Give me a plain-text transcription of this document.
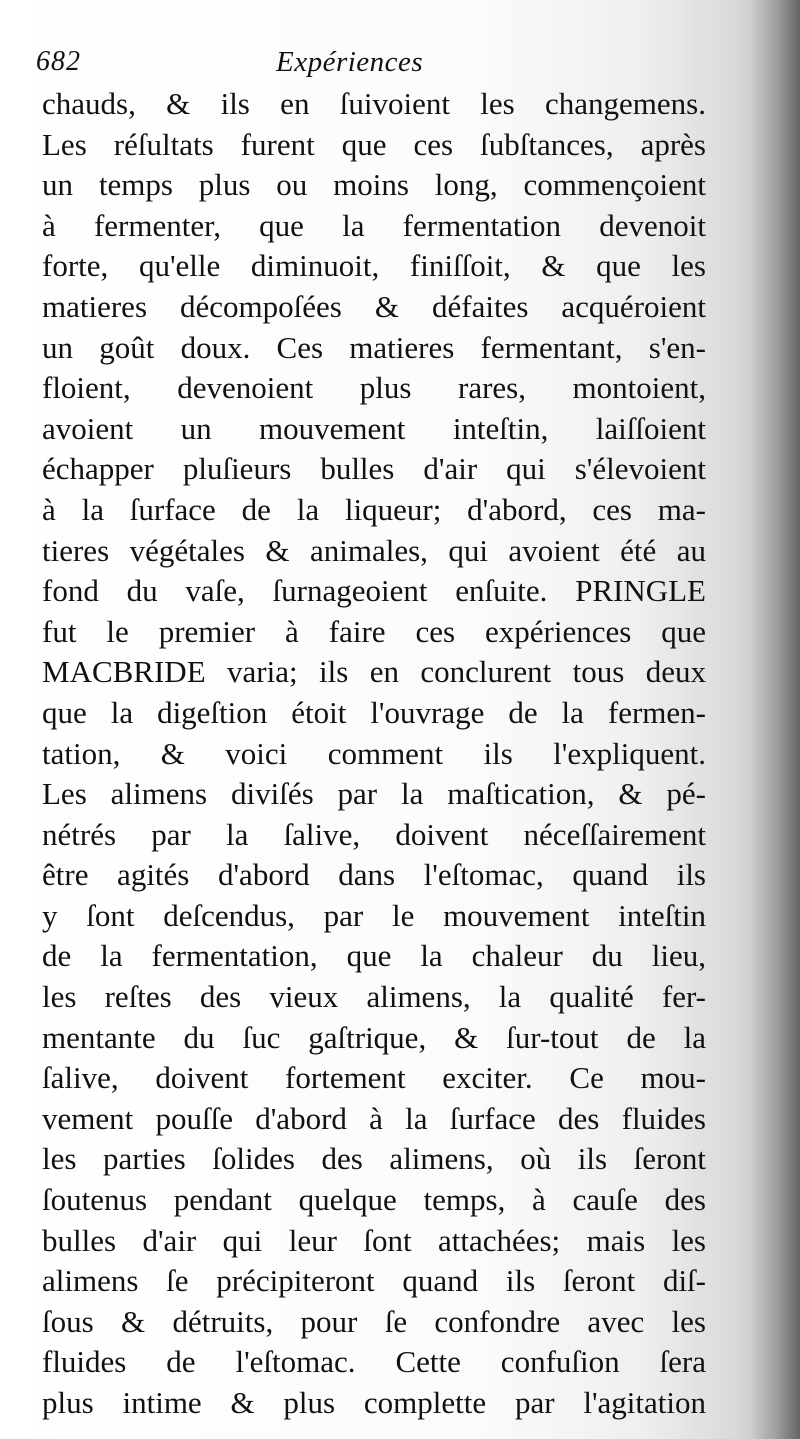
682	Expériences
chauds, & ils en ſuivoient les changemens.
Les réſultats furent que ces ſubſtances, après
un temps plus ou moins long, commençoient
à fermenter, que la fermentation devenoit
forte, qu'elle diminuoit, finiſſoit, & que les
matieres décompoſées & défaites acquéroient
un goût doux. Ces matieres fermentant, s'en-
floient, devenoient plus rares, montoient,
avoient un mouvement inteſtin, laiſſoient
échapper pluſieurs bulles d'air qui s'élevoient
à la ſurface de la liqueur; d'abord, ces ma-
tieres végétales & animales, qui avoient été au
fond du vaſe, ſurnageoient enſuite. PRINGLE
fut le premier à faire ces expériences que
MACBRIDE varia; ils en conclurent tous deux
que la digeſtion étoit l'ouvrage de la fermen-
tation, & voici comment ils l'expliquent.
Les alimens diviſés par la maſtication, & pé-
nétrés par la ſalive, doivent néceſſairement
être agités d'abord dans l'eſtomac, quand ils
y ſont deſcendus, par le mouvement inteſtin
de la fermentation, que la chaleur du lieu,
les reſtes des vieux alimens, la qualité fer-
mentante du ſuc gaſtrique, & ſur-tout de la
ſalive, doivent fortement exciter. Ce mou-
vement pouſſe d'abord à la ſurface des fluides
les parties ſolides des alimens, où ils ſeront
ſoutenus pendant quelque temps, à cauſe des
bulles d'air qui leur ſont attachées; mais les
alimens ſe précipiteront quand ils ſeront diſ-
ſous & détruits, pour ſe confondre avec les
fluides de l'eſtomac. Cette confuſion ſera
plus intime & plus complette par l'agitation
